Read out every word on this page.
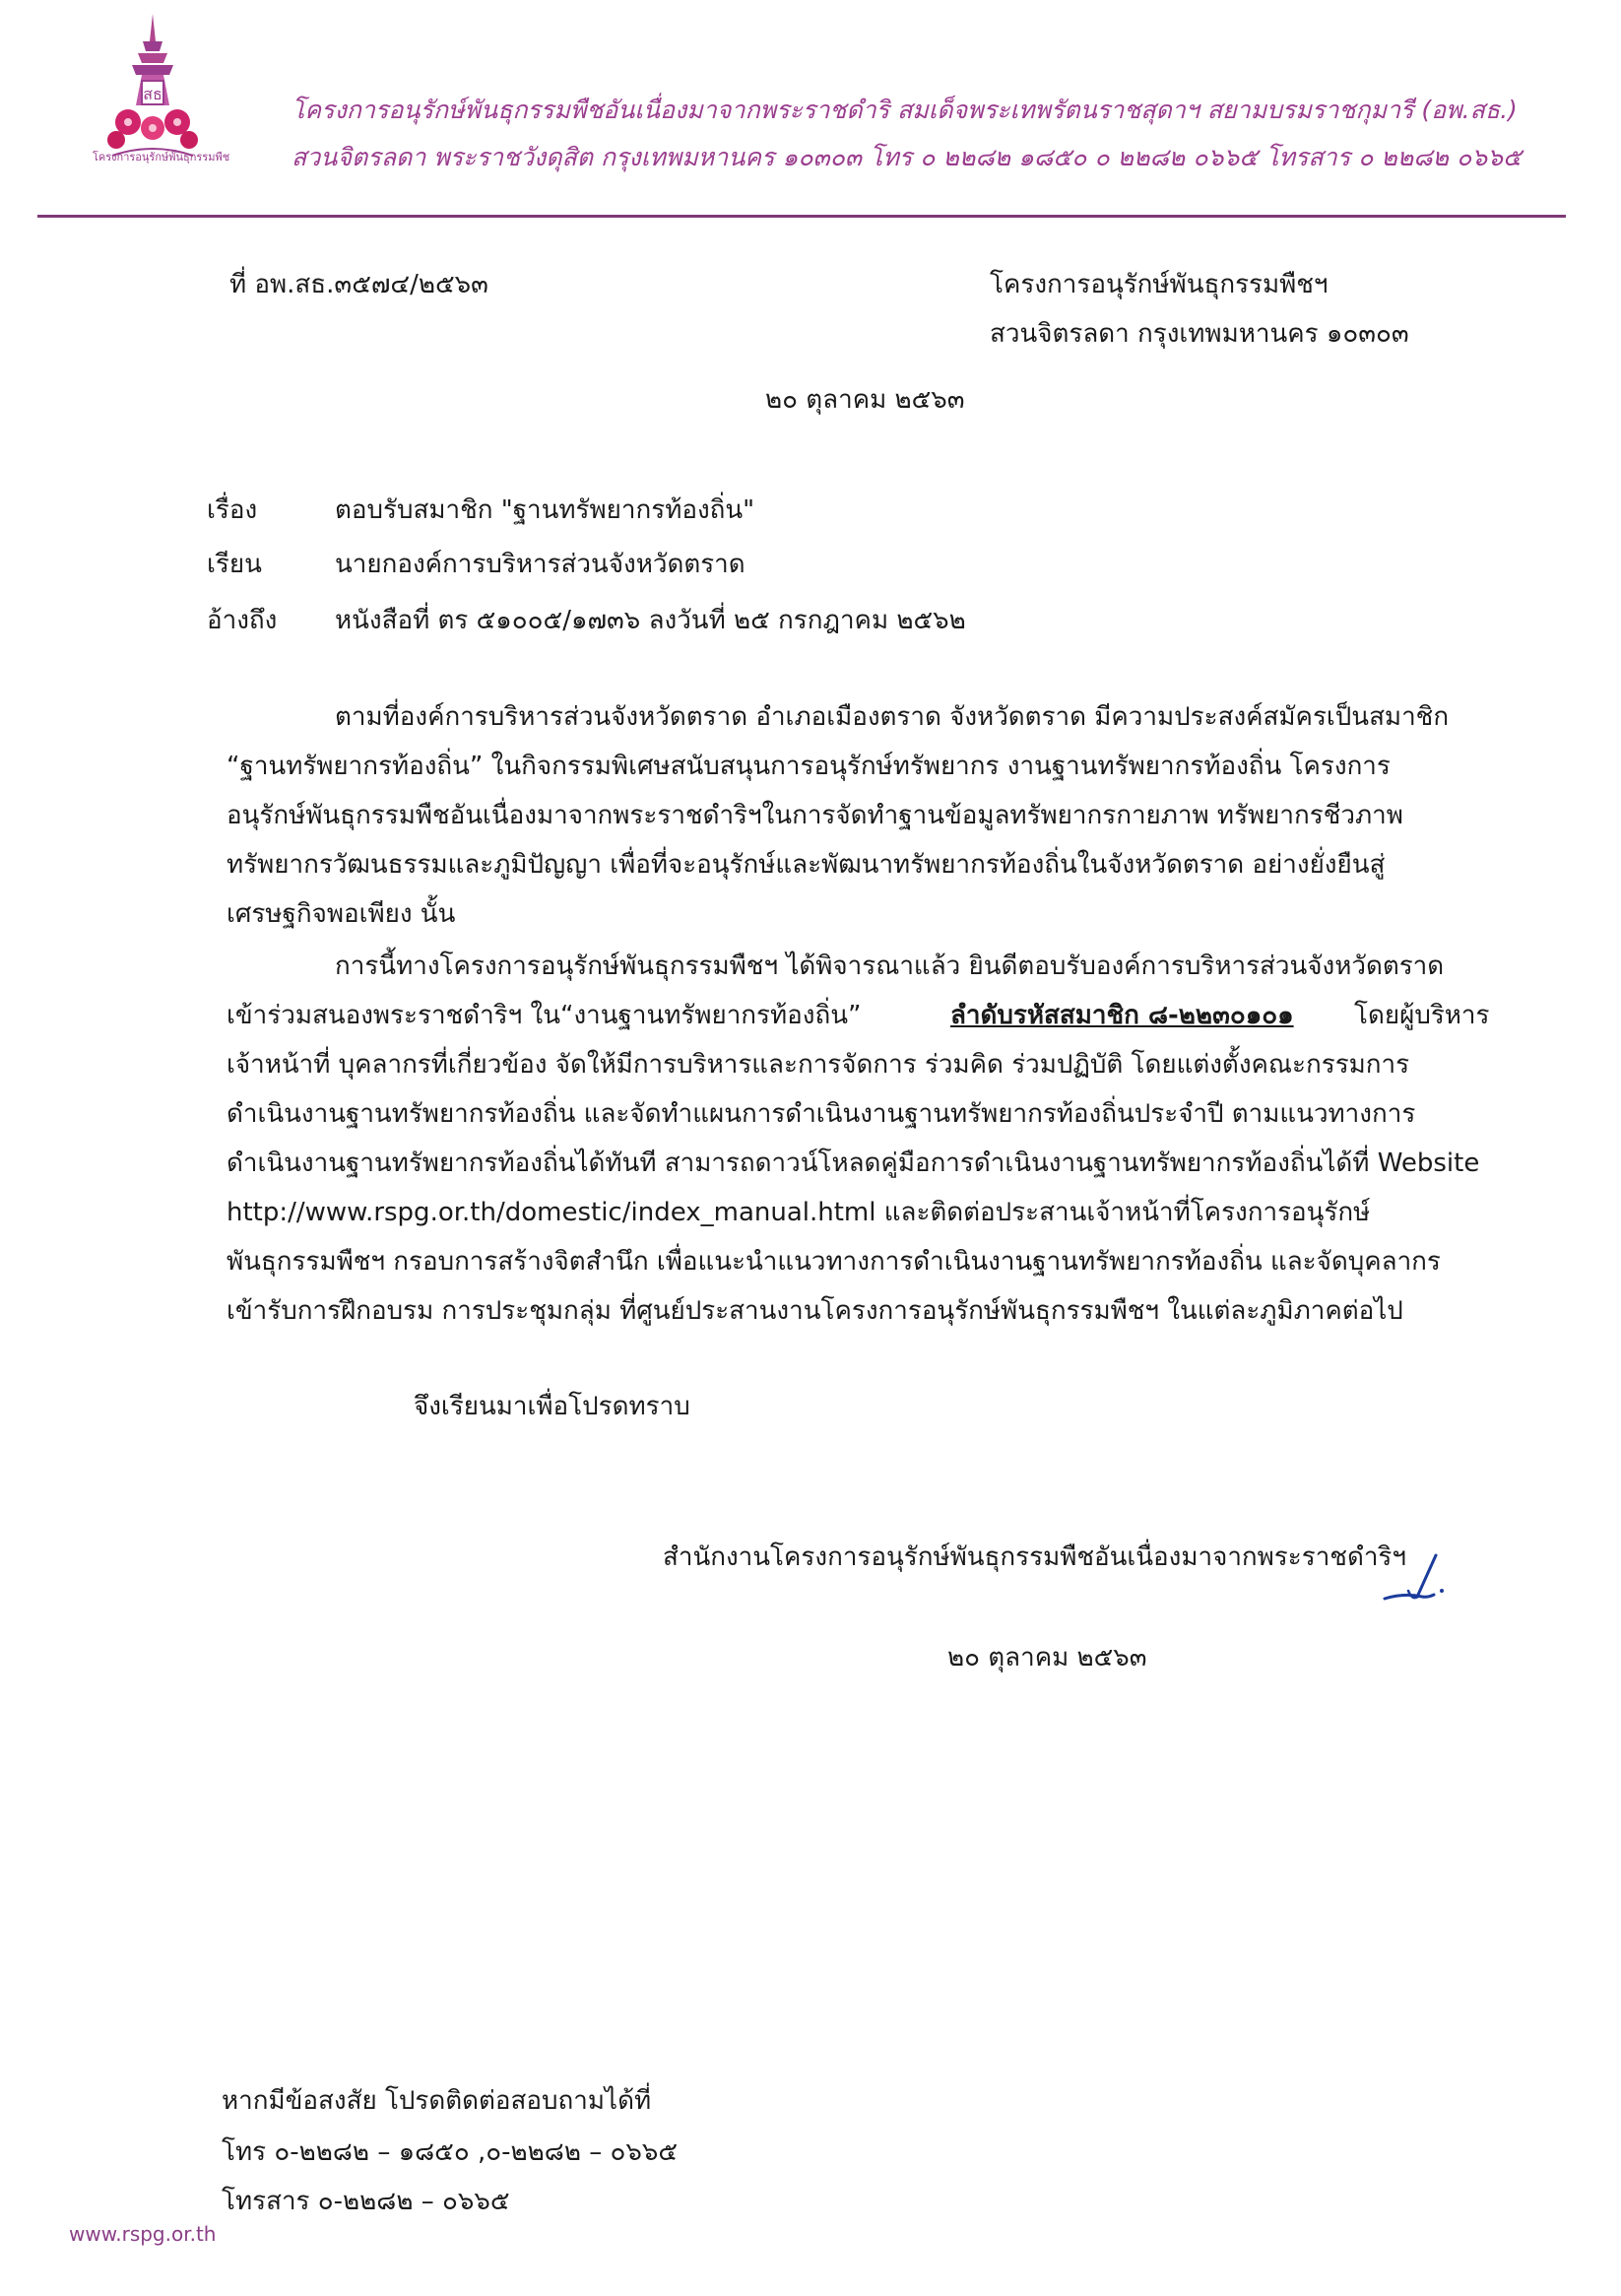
สธ
โครงการอนุรักษ์พันธุกรรมพืช
โครงการอนุรักษ์พันธุกรรมพืชอันเนื่องมาจากพระราชดำริ สมเด็จพระเทพรัตนราชสุดาฯ สยามบรมราชกุมารี (อพ.สธ.)
สวนจิตรลดา พระราชวังดุสิต กรุงเทพมหานคร ๑๐๓๐๓ โทร ๐ ๒๒๘๒ ๑๘๕๐ ๐ ๒๒๘๒ ๐๖๖๕ โทรสาร ๐ ๒๒๘๒ ๐๖๖๕
ที่ อพ.สธ.๓๕๗๔/๒๕๖๓	โครงการอนุรักษ์พันธุกรรมพืชฯ
สวนจิตรลดา กรุงเทพมหานคร ๑๐๓๐๓
๒๐ ตุลาคม ๒๕๖๓
เรื่อง	ตอบรับสมาชิก "ฐานทรัพยากรท้องถิ่น"
เรียน	นายกองค์การบริหารส่วนจังหวัดตราด
อ้างถึง หนังสือที่ ตร ๕๑๐๐๕/๑๗๓๖ ลงวันที่ ๒๕ กรกฎาคม ๒๕๖๒
ตามที่องค์การบริหารส่วนจังหวัดตราด อำเภอเมืองตราด จังหวัดตราด มีความประสงค์สมัครเป็นสมาชิก
“ฐานทรัพยากรท้องถิ่น” ในกิจกรรมพิเศษสนับสนุนการอนุรักษ์ทรัพยากร งานฐานทรัพยากรท้องถิ่น โครงการ
อนุรักษ์พันธุกรรมพืชอันเนื่องมาจากพระราชดำริฯในการจัดทำฐานข้อมูลทรัพยากรกายภาพ ทรัพยากรชีวภาพ
ทรัพยากรวัฒนธรรมและภูมิปัญญา เพื่อที่จะอนุรักษ์และพัฒนาทรัพยากรท้องถิ่นในจังหวัดตราด อย่างยั่งยืนสู่
เศรษฐกิจพอเพียง นั้น
การนี้ทางโครงการอนุรักษ์พันธุกรรมพืชฯ ได้พิจารณาแล้ว ยินดีตอบรับองค์การบริหารส่วนจังหวัดตราด
เข้าร่วมสนองพระราชดำริฯ ใน“งานฐานทรัพยากรท้องถิ่น”	ลำดับรหัสสมาชิก ๘-๒๒๓๐๑๐๑ โดยผู้บริหาร
เจ้าหน้าที่ บุคลากรที่เกี่ยวข้อง จัดให้มีการบริหารและการจัดการ ร่วมคิด ร่วมปฏิบัติ โดยแต่งตั้งคณะกรรมการ
ดำเนินงานฐานทรัพยากรท้องถิ่น และจัดทำแผนการดำเนินงานฐานทรัพยากรท้องถิ่นประจำปี ตามแนวทางการ
ดำเนินงานฐานทรัพยากรท้องถิ่นได้ทันที สามารถดาวน์โหลดคู่มือการดำเนินงานฐานทรัพยากรท้องถิ่นได้ที่ Website
http://www.rspg.or.th/domestic/index_manual.html และติดต่อประสานเจ้าหน้าที่โครงการอนุรักษ์
พันธุกรรมพืชฯ กรอบการสร้างจิตสำนึก เพื่อแนะนำแนวทางการดำเนินงานฐานทรัพยากรท้องถิ่น และจัดบุคลากร
เข้ารับการฝึกอบรม การประชุมกลุ่ม ที่ศูนย์ประสานงานโครงการอนุรักษ์พันธุกรรมพืชฯ ในแต่ละภูมิภาคต่อไป
จึงเรียนมาเพื่อโปรดทราบ
สำนักงานโครงการอนุรักษ์พันธุกรรมพืชอันเนื่องมาจากพระราชดำริฯ
๒๐ ตุลาคม ๒๕๖๓
หากมีข้อสงสัย โปรดติดต่อสอบถามได้ที่
โทร ๐-๒๒๘๒ – ๑๘๕๐ ,๐-๒๒๘๒ – ๐๖๖๕
โทรสาร ๐-๒๒๘๒ – ๐๖๖๕
www.rspg.or.th
